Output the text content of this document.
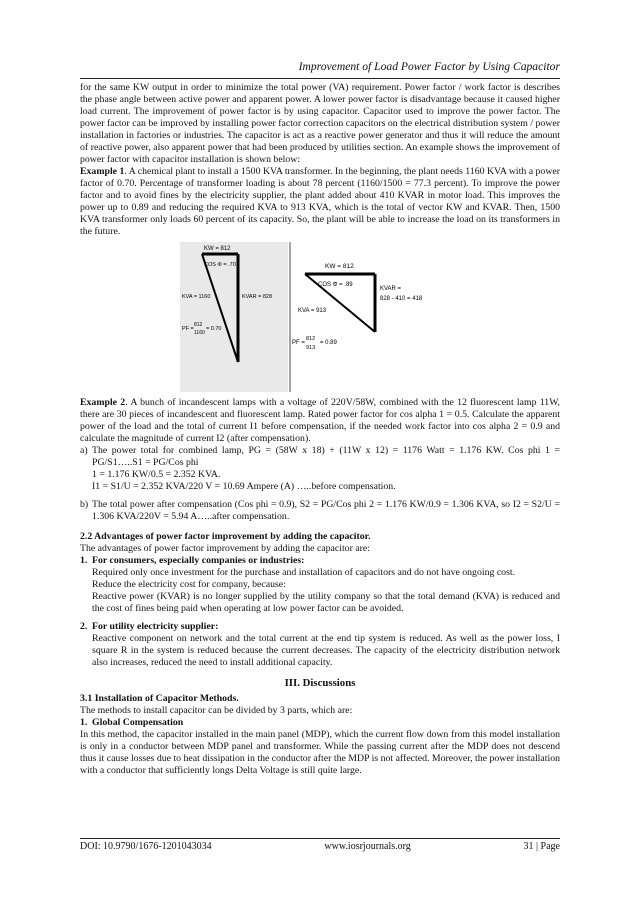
Improvement of Load Power Factor by Using Capacitor

for the same KW output in order to minimize the total power (VA) requirement. Power factor / work factor is describes the phase angle between active power and apparent power. A lower power factor is disadvantage because it caused higher load current. The improvement of power factor is by using capacitor. Capacitor used to improve the power factor. The power factor can be improved by installing power factor correction capacitors on the electrical distribution system / power installation in factories or industries. The capacitor is act as a reactive power generator and thus it will reduce the amount of reactive power, also apparent power that had been produced by utilities section. An example shows the improvement of power factor with capacitor installation is shown below:

Example 1. A chemical plant to install a 1500 KVA transformer. In the beginning, the plant needs 1160 KVA with a power factor of 0.70. Percentage of transformer loading is about 78 percent (1160/1500 = 77.3 percent). To improve the power factor and to avoid fines by the electricity supplier, the plant added about 410 KVAR in motor load. This improves the power up to 0.89 and reducing the required KVA to 913 KVA, which is the total of vector KW and KVAR. Then, 1500 KVA transformer only loads 60 percent of its capacity. So, the plant will be able to increase the load on its transformers in the future.

KW = 812
COS Φ = .70
KVA = 1160	KVAR = 828
PF =
812
1160
= 0.70
KW = 812
COS Φ = .89
KVA = 913
KVAR =
828 - 410 = 418
PF =
812
913
= 0.89

Example 2. A bunch of incandescent lamps with a voltage of 220V/58W, combined with the 12 fluorescent lamp 11W, there are 30 pieces of incandescent and fluorescent lamp. Rated power factor for cos alpha 1 = 0.5. Calculate the apparent power of the load and the total of current I1 before compensation, if the needed work factor into cos alpha 2 = 0.9 and calculate the magnitude of current I2 (after compensation).

a) The power total for combined lamp, PG = (58W x 18) + (11W x 12) = 1176 Watt = 1.176 KW. Cos phi 1 = PG/S1…..S1 = PG/Cos phi

1 = 1.176 KW/0.5 = 2.352 KVA.

I1 = S1/U = 2.352 KVA/220 V = 10.69 Ampere (A) …..before compensation.

b) The total power after compensation (Cos phi = 0.9), S2 = PG/Cos phi 2 = 1.176 KW/0.9 = 1.306 KVA, so I2 = S2/U = 1.306 KVA/220V = 5.94 A…..after compensation.

2.2 Advantages of power factor improvement by adding the capacitor.

The advantages of power factor improvement by adding the capacitor are:

1. For consumers, especially companies or industries:

Required only once investment for the purchase and installation of capacitors and do not have ongoing cost.

Reduce the electricity cost for company, because:

Reactive power (KVAR) is no longer supplied by the utility company so that the total demand (KVA) is reduced and the cost of fines being paid when operating at low power factor can be avoided.

2. For utility electricity supplier:

Reactive component on network and the total current at the end tip system is reduced. As well as the power loss, I square R in the system is reduced because the current decreases. The capacity of the electricity distribution network also increases, reduced the need to install additional capacity.

III. Discussions

3.1 Installation of Capacitor Methods.

The methods to install capacitor can be divided by 3 parts, which are:

1. Global Compensation

In this method, the capacitor installed in the main panel (MDP), which the current flow down from this model installation is only in a conductor between MDP panel and transformer. While the passing current after the MDP does not descend thus it cause losses due to heat dissipation in the conductor after the MDP is not affected. Moreover, the power installation with a conductor that sufficiently longs Delta Voltage is still quite large.

DOI: 10.9790/1676-1201043034	www.iosrjournals.org	31 | Page
